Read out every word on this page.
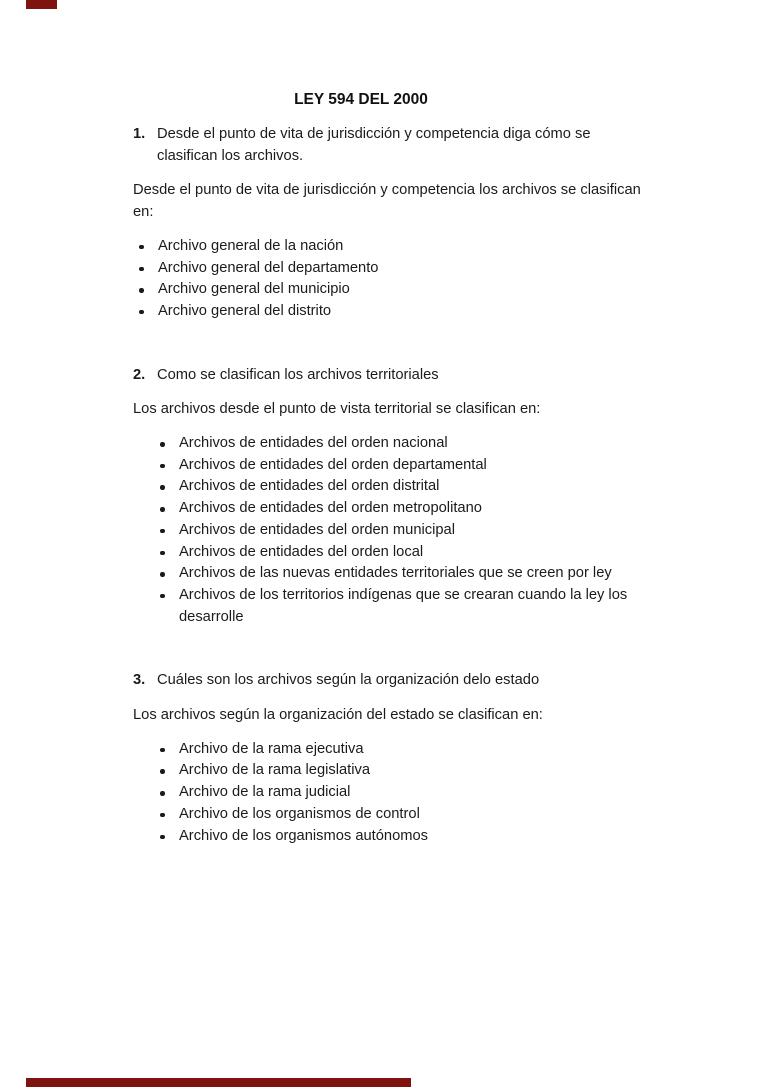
LEY 594 DEL 2000
1. Desde el punto de vita de jurisdicción y competencia diga cómo se clasifican los archivos.

Desde el punto de vita de jurisdicción y competencia los archivos se clasifican en:

Archivo general de la nación
Archivo general del departamento
Archivo general del municipio
Archivo general del distrito
2. Como se clasifican los archivos territoriales

Los archivos desde el punto de vista territorial se clasifican en:

Archivos de entidades del orden nacional
Archivos de entidades del orden departamental
Archivos de entidades del orden distrital
Archivos de entidades del orden metropolitano
Archivos de entidades del orden municipal
Archivos de entidades del orden local
Archivos de las nuevas entidades territoriales que se creen por ley
Archivos de los territorios indígenas que se crearan cuando la ley los desarrolle
3. Cuáles son los archivos según la organización delo estado

Los archivos según la organización del estado se clasifican en:

Archivo de la rama ejecutiva
Archivo de la rama legislativa
Archivo de la rama judicial
Archivo de los organismos de control
Archivo de los organismos autónomos
